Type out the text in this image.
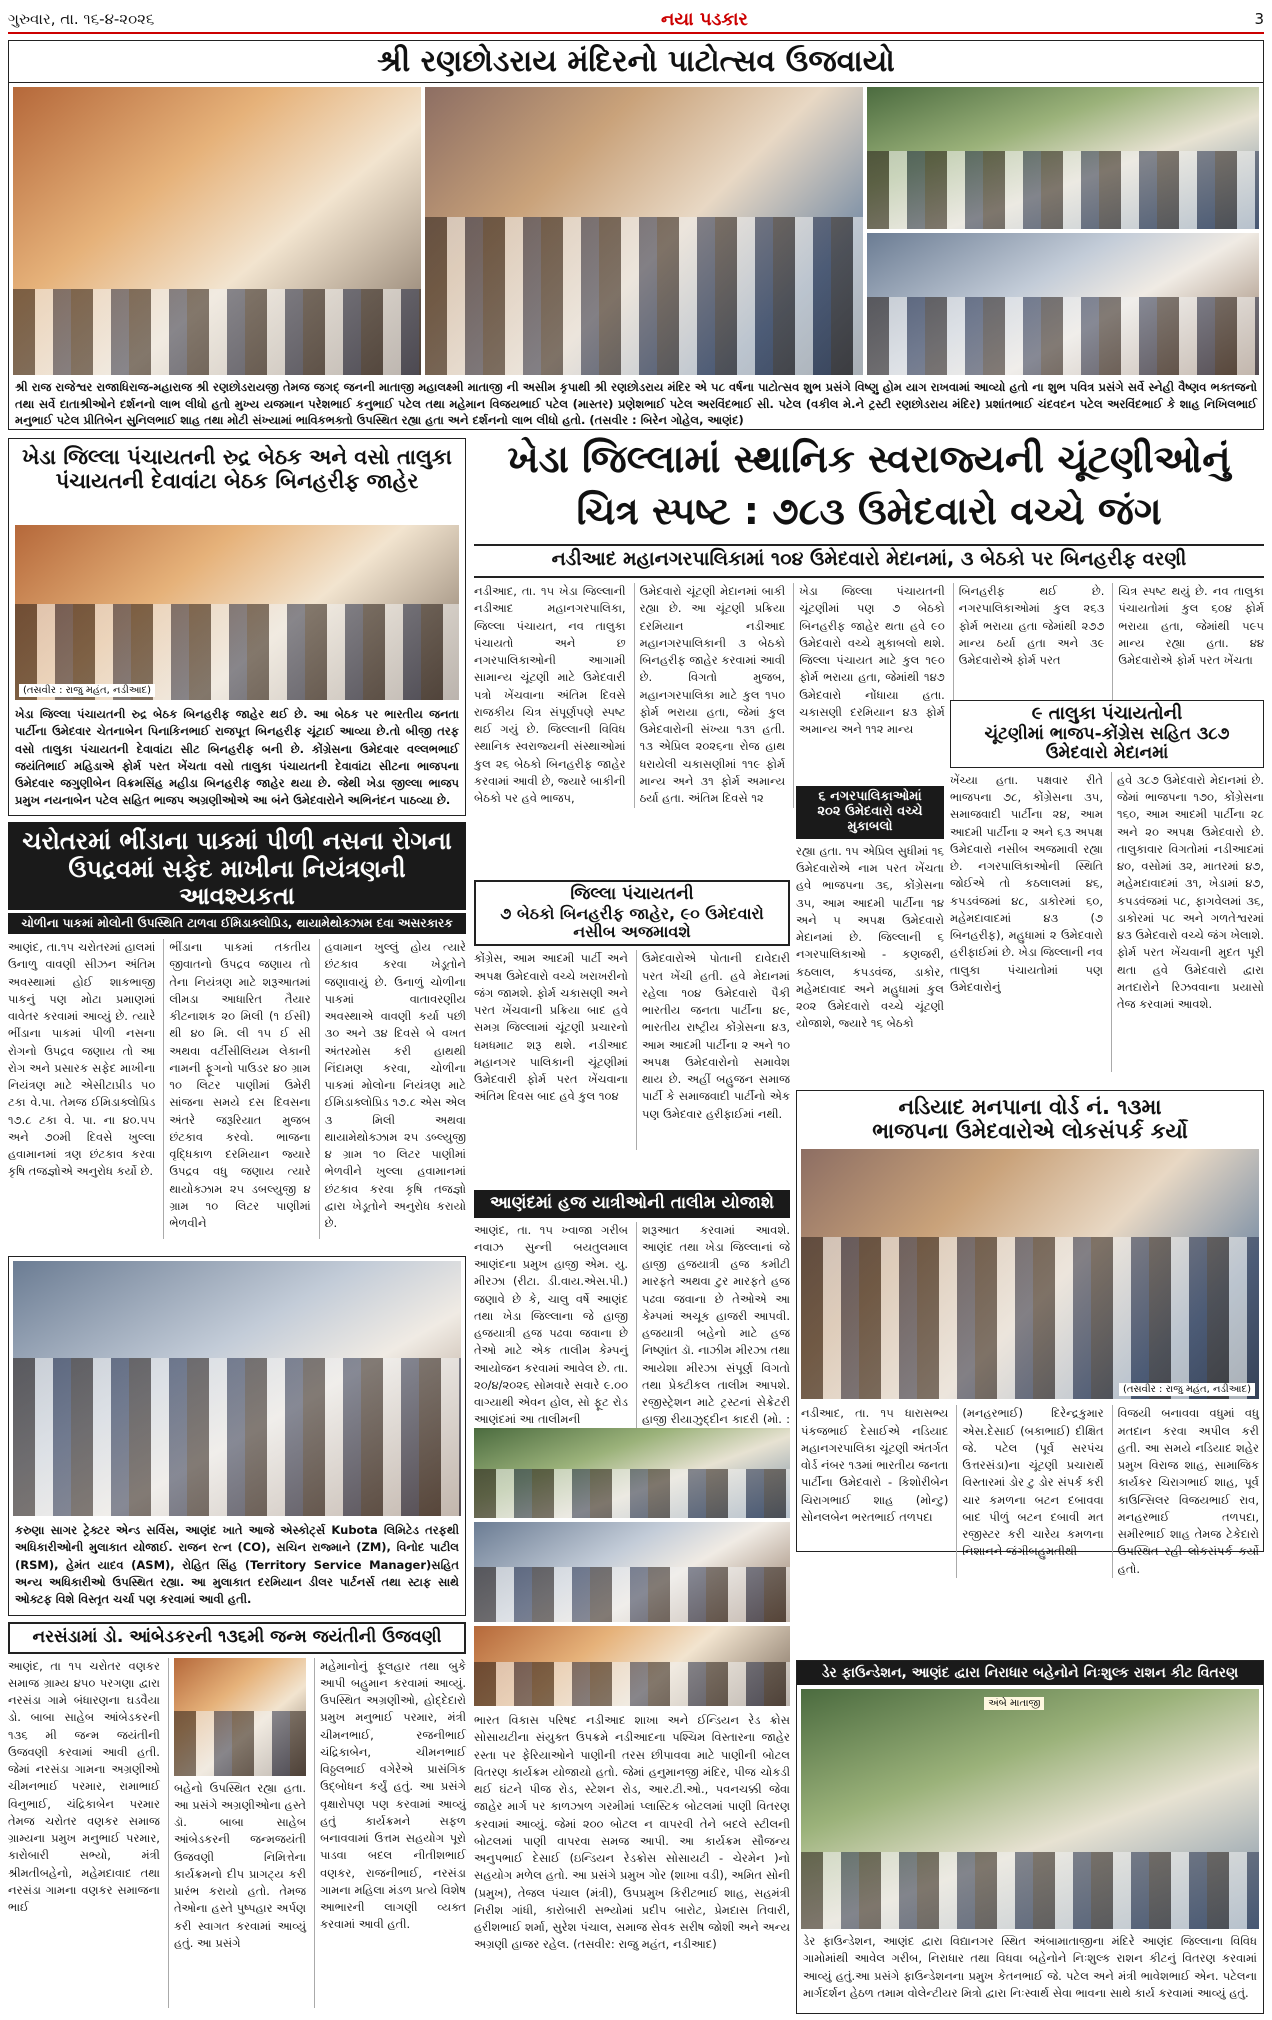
ગુરુવાર, તા. ૧૬-૪-૨૦૨૬	નયા પડકાર	3
શ્રી રણછોડરાય મંદિરનો પાટોત્સવ ઉજવાયો
શ્રી રાજ રાજેશ્વર રાજાધિરાજ-મહારાજ શ્રી રણછોડરાયજી તેમજ જગદ્ જનની માતાજી મહાલક્ષ્મી માતાજી ની અસીમ કૃપાથી શ્રી રણછોડરાય મંદિર એ ૫૮ વર્ષના પાટોત્સવ શુભ પ્રસંગે વિષ્ણુ હોમ યાગ રાખવામાં આવ્યો હતો ના શુભ પવિત્ર પ્રસંગે સર્વે સ્નેહી વૈષ્ણવ ભક્તજનો તથા સર્વે દાતાશ્રીઓને દર્શનનો લાભ લીધો હતો મુખ્ય યજમાન પરેશભાઈ કનુભાઈ પટેલ તથા મહેમાન વિજયભાઈ પટેલ (માસ્તર) પ્રણેશભાઈ પટેલ અરવિંદભાઈ સી. પટેલ (વકીલ મે.ને ટ્રસ્ટી રણછોડરાય મંદિર) પ્રશાંતભાઈ ચંદવદન પટેલ અરવિંદભાઈ કે શાહ નિખિલભાઈ મનુભાઈ પટેલ પ્રીતિબેન સુનિલભાઈ શાહ તથા મોટી સંખ્યામાં ભાવિકભક્તો ઉપસ્થિત રહ્યા હતા અને દર્શનનો લાભ લીધો હતો. (તસવીર : બિરેન ગોહેલ, આણંદ)
ખેડા જિલ્લા પંચાયતની રુદ્ર બેઠક અને વસો તાલુકા પંચાયતની દેવાવાંટા બેઠક બિનહરીફ જાહેર
(તસવીર : રાજુ મહંત, નડીઆદ)
ખેડા જિલ્લા પંચાયતની રુદ્ર બેઠક બિનહરીફ જાહેર થઈ છે. આ બેઠક પર ભારતીય જનતા પાર્ટીના ઉમેદવાર ચેતનાબેન પિનાકિનભાઈ રાજપૂત બિનહરીફ ચૂંટાઈ આવ્યા છે.તો બીજી તરફ વસો તાલુકા પંચાયતની દેવાવાંટા સીટ બિનહરીફ બની છે. કોંગ્રેસના ઉમેદવાર વલ્લભભાઈ જયંતિભાઈ મહિડાએ ફોર્મ પરત ખેંચતા વસો તાલુકા પંચાયતની દેવાવાંટા સીટના ભાજપના ઉમેદવાર જગુણીબેન વિક્રમસિંહ મહીડા બિનહરીફ જાહેર થયા છે. જેથી ખેડા જીલ્લા ભાજપ પ્રમુખ નયનાબેન પટેલ સહિત ભાજપ અગ્રણીઓએ આ બંને ઉમેદવારોને અભિનંદન પાઠવ્યા છે.
ખેડા જિલ્લામાં સ્થાનિક સ્વરાજ્યની ચૂંટણીઓનું
ચિત્ર સ્પષ્ટ : ૭૮૩ ઉમેદવારો વચ્ચે જંગ
નડીઆદ મહાનગરપાલિકામાં ૧૦૪ ઉમેદવારો મેદાનમાં, ૩ બેઠકો પર બિનહરીફ વરણી
નડીઆદ, તા. ૧૫ ખેડા જિલ્લાની નડીઆદ મહાનગરપાલિકા, જિલ્લા પંચાયત, નવ તાલુકા પંચાયતો અને છ નગરપાલિકાઓની આગામી સામાન્ય ચૂંટણી માટે ઉમેદવારી પત્રો ખેંચવાના અંતિમ દિવસે રાજકીય ચિત્ર સંપૂર્ણપણે સ્પષ્ટ થઈ ગયું છે. જિલ્લાની વિવિધ સ્થાનિક સ્વરાજ્યની સંસ્થાઓમાં કુલ ૨૬ બેઠકો બિનહરીફ જાહેર કરવામાં આવી છે, જ્યારે બાકીની બેઠકો પર હવે ભાજપ,
ઉમેદવારો ચૂંટણી મેદાનમાં બાકી રહ્યા છે. આ ચૂંટણી પ્રક્રિયા દરમિયાન નડીઆદ મહાનગરપાલિકાની ૩ બેઠકો બિનહરીફ જાહેર કરવામાં આવી છે. વિગતો મુજબ, મહાનગરપાલિકા માટે કુલ ૧૫૦ ફોર્મ ભરાયા હતા, જેમાં કુલ ઉમેદવારોની સંખ્યા ૧૩૧ હતી. ૧૩ એપ્રિલ ૨૦૨૬ના રોજ હાથ ધરાયેલી ચકાસણીમાં ૧૧૯ ફોર્મ માન્ય અને ૩૧ ફોર્મ અમાન્ય ઠર્યા હતા. અંતિમ દિવસે ૧૨
ખેડા જિલ્લા પંચાયતની ચૂંટણીમાં પણ ૭ બેઠકો બિનહરીફ જાહેર થતા હવે ૯૦ ઉમેદવારો વચ્ચે મુકાબલો થશે. જિલ્લા પંચાયત માટે કુલ ૧૯૦ ફોર્મ ભરાયા હતા, જેમાંથી ૧૪૭ ઉમેદવારો નોંધાયા હતા. ચકાસણી દરમિયાન ૪૩ ફોર્મ અમાન્ય અને ૧૧૨ માન્ય
બિનહરીફ થઈ છે. નગરપાલિકાઓમાં કુલ ૨૬૩ ફોર્મ ભરાયા હતા જેમાંથી ૨૭૭ માન્ય ઠર્યા હતા અને ૩૯ ઉમેદવારોએ ફોર્મ પરત
ચિત્ર સ્પષ્ટ થયું છે. નવ તાલુકા પંચાયતોમાં કુલ ૬૦૪ ફોર્મ ભરાયા હતા, જેમાંથી ૫૯૫ માન્ય રહ્યા હતા. ૪૪ ઉમેદવારોએ ફોર્મ પરત ખેંચતા
૯ તાલુકા પંચાયતોની
ચૂંટણીમાં ભાજપ-કોંગ્રેસ સહિત ૩૮૭ ઉમેદવારો મેદાનમાં
ખેંચ્યા હતા. પક્ષવાર રીતે ભાજપના ૭૮, કોંગ્રેસના ૩૫, સમાજવાદી પાર્ટીના ૨૪, આમ આદમી પાર્ટીના ૨ અને ૬૩ અપક્ષ ઉમેદવારો નસીબ અજમાવી રહ્યા છે. નગરપાલિકાઓની સ્થિતિ જોઈએ તો કઠલાલમાં ૪૬, કપડવંજમાં ૪૮, ડાકોરમાં ૬૦, મહેમદાવાદમાં ૪૩ (૭ બિનહરીફ), મહુધામાં ૨ ઉમેદવારો હરીફાઈમાં છે. ખેડા જિલ્લાની નવ તાલુકા પંચાયતોમાં પણ ઉમેદવારોનું
હવે ૩૮૭ ઉમેદવારો મેદાનમાં છે. જેમાં ભાજપના ૧૭૦, કોંગ્રેસના ૧૬૦, આમ આદમી પાર્ટીના ૨૮ અને ૨૦ અપક્ષ ઉમેદવારો છે. તાલુકાવાર વિગતોમાં નડીઆદમાં ૪૦, વસોમાં ૩૨, માતરમાં ૪૭, મહેમદાવાદમાં ૩૧, ખેડામાં ૪૭, કપડવંજમાં ૫૮, ફાગવેલમાં ૩૬, ડાકોરમાં ૫૮ અને ગળતેશ્વરમાં ૪૩ ઉમેદવારો વચ્ચે જંગ ખેલાશે. ફોર્મ પરત ખેંચવાની મુદત પૂરી થતા હવે ઉમેદવારો દ્વારા મતદારોને રિઝવવાના પ્રયાસો તેજ કરવામાં આવશે.
૬ નગરપાલિકાઓમાં
૨૦૨ ઉમેદવારો વચ્ચે મુકાબલો
રહ્યા હતા. ૧૫ એપ્રિલ સુધીમાં ૧૬ ઉમેદવારોએ નામ પરત ખેંચતા હવે ભાજપના ૩૬, કોંગ્રેસના ૩૫, આમ આદમી પાર્ટીના ૧૪ અને ૫ અપક્ષ ઉમેદવારો મેદાનમાં છે. જિલ્લાની ૬ નગરપાલિકાઓ - કણજરી, કઠલાલ, કપડવંજ, ડાકોર, મહેમદાવાદ અને મહુધામાં કુલ ૨૦૨ ઉમેદવારો વચ્ચે ચૂંટણી યોજાશે, જ્યારે ૧૬ બેઠકો
જિલ્લા પંચાયતની
૭ બેઠકો બિનહરીફ જાહેર, ૯૦ ઉમેદવારો નસીબ અજમાવશે
કોંગ્રેસ, આમ આદમી પાર્ટી અને અપક્ષ ઉમેદવારો વચ્ચે ખરાખરીનો જંગ જામશે. ફોર્મ ચકાસણી અને પરત ખેંચવાની પ્રક્રિયા બાદ હવે સમગ્ર જિલ્લામાં ચૂંટણી પ્રચારનો ધમધમાટ શરૂ થશે. નડીઆદ મહાનગર પાલિકાની ચૂંટણીમાં ઉમેદવારી ફોર્મ પરત ખેંચવાના અંતિમ દિવસ બાદ હવે કુલ ૧૦૪
ઉમેદવારોએ પોતાની દાવેદારી પરત ખેંચી હતી. હવે મેદાનમાં રહેલા ૧૦૪ ઉમેદવારો પૈકી ભારતીય જનતા પાર્ટીના ૪૯, ભારતીય રાષ્ટ્રીય કોંગ્રેસના ૪૩, આમ આદમી પાર્ટીના ૨ અને ૧૦ અપક્ષ ઉમેદવારોનો સમાવેશ થાય છે. અહીં બહુજન સમાજ પાર્ટી કે સમાજવાદી પાર્ટીનો એક પણ ઉમેદવાર હરીફાઈમાં નથી.
ચરોતરમાં ભીંડાના પાકમાં પીળી નસના રોગના ઉપદ્રવમાં સફેદ માખીના નિયંત્રણની આવશ્યકતા
ચોળીના પાકમાં મોલોની ઉપસ્થિતિ ટાળવા ઈમિડાક્લોપ્રિડ, થાયામેથોક્ઝામ દવા અસરકારક
આણંદ, તા.૧૫ ચરોતરમાં હાલમાં ઉનાળુ વાવણી સીઝન અંતિમ અવસ્થામાં હોઈ શાકભાજી પાકનું પણ મોટા પ્રમાણમાં વાવેતર કરવામાં આવ્યું છે. ત્યારે ભીંડાના પાકમાં પીળી નસના રોગનો ઉપદ્રવ જણાય તો આ રોગ અને પ્રસારક સફેદ માખીના નિયંત્રણ માટે એસીટાપ્રીડ ૫૦ ટકા વે.પા. તેમજ ઈમિડાક્લોપ્રિડ ૧૭.૮ ટકા વે. પા. ના ૪૦.૫૫ અને ૭૦મી દિવસે ખુલ્લા હવામાનમાં ત્રણ છંટકાવ કરવા કૃષિ તજજ્ઞોએ અનુરોધ કર્યો છે.
ભીંડાના પાકમાં તકતીય જીવાતનો ઉપદ્રવ જણાય તો તેના નિયંત્રણ માટે શરૂઆતમાં લીમડા આધારિત તૈયાર કીટનાશક ૨૦ મિલી (૧ ઈસી) થી ૪૦ મિ. લી ૧૫ ઈ સી અથવા વર્ટીસીલિયમ લેકાની નામની ફૂગનો પાઉડર ૪૦ ગ્રામ ૧૦ લિટર પાણીમાં ઉમેરી સાંજના સમયે દસ દિવસના અંતરે જરૂરિયાત મુજબ છંટકાવ કરવો. ભાજના વૃદ્ધિકાળ દરમિયાન જ્યારે ઉપદ્રવ વધુ જણાય ત્યારે થાયોક્ઝામ ૨૫ ડબલ્યુજી ૪ ગ્રામ ૧૦ લિટર પાણીમાં ભેળવીને
હવામાન ખુલ્લું હોય ત્યારે છંટકાવ કરવા ખેડૂતોને જણાવાયું છે. ઉનાળું ચોળીના પાકમાં વાતાવરણીય અવસ્થાએ વાવણી કર્યા પછી ૩૦ અને ૩૪ દિવસે બે વખત અંતરમોસ કરી હાથથી નિંદામણ કરવા, ચોળીના પાકમાં મોલોના નિયંત્રણ માટે ઈમિડાક્લોપ્રિડ ૧૭.૮ એસ એલ ૩ મિલી અથવા થાયામેથોક્ઝામ ૨૫ ડબ્લ્યુજી ૪ ગ્રામ ૧૦ લિટર પાણીમાં ભેળવીને ખુલ્લા હવામાનમાં છંટકાવ કરવા કૃષિ તજજ્ઞો દ્વારા ખેડૂતોને અનુરોધ કરાયો છે.
કરુણા સાગર ટ્રેક્ટર એન્ડ સર્વિસ, આણંદ ખાતે આજે એસ્કોર્ટ્સ Kubota લિમિટેડ તરફથી અધિકારીઓની મુલાકાત યોજાઈ. રાજન રત્ન (CO), સચિન રાજ્માને (ZM), વિનોદ પાટીલ (RSM), હેમંત યાદવ (ASM), રોહિત સિંહ (Territory Service Manager)સહિત અન્ય અધિકારીઓ ઉપસ્થિત રહ્યા. આ મુલાકાત દરમિયાન ડીલર પાર્ટનર્સ તથા સ્ટાફ સાથે ઓક્ટફ વિશે વિસ્તૃત ચર્ચા પણ કરવામાં આવી હતી.
આણંદમાં હજ યાત્રીઓની તાલીમ યોજાશે
આણંદ, તા. ૧૫ ખ્વાજા ગરીબ નવાઝ સુન્ની બયતુલમાલ આણંદના પ્રમુખ હાજી એમ. યુ. મીરઝા (રીટા. ડી.વાય.એસ.પી.) જણાવે છે કે, ચાલુ વર્ષે આણંદ તથા ખેડા જિલ્લાના જે હાજી હજયાત્રી હજ પઢવા જવાના છે તેઓ માટે એક તાલીમ કેમ્પનું આયોજન કરવામાં આવેલ છે. તા. ૨૦/૪/૨૦૨૬ સોમવારે સવારે ૯.૦૦ વાગ્યાથી એવન હોલ, સો ફૂટ રોડ આણંદમાં આ તાલીમની
શરૂઆત કરવામાં આવશે. આણંદ તથા ખેડા જિલ્લાનાં જે હાજી હજયાત્રી હજ કમીટી મારફતે અથવા ટુર મારફતે હજ પઢવા જવાના છે તેઓએ આ કેમ્પમાં અચૂક હાજરી આપવી. હજયાત્રી બહેનો માટે હજ નિષ્ણાંત ડૉ. નાઝીમ મીરઝા તથા આયેશા મીરઝા સંપૂર્ણ વિગતો તથા પ્રેક્ટીકલ તાલીમ આપશે. રજીસ્ટ્રેશન માટે ટ્રસ્ટનાં સેક્રેટરી હાજી રીયાઝુદ્દીન કાદરી (મો. :
નડિયાદ મનપાના વોર્ડ નં. ૧૩મા
ભાજપના ઉમેદવારોએ લોકસંપર્ક કર્યો
(તસવીર : રાજુ મહંત, નડીઆદ)
નડીઆદ, તા. ૧૫ ધારાસભ્ય પંકજભાઈ દેસાઈએ નડિયાદ મહાનગરપાલિકા ચૂંટણી અંતર્ગત વોર્ડ નંબર ૧૩માં ભારતીય જનતા પાર્ટીના ઉમેદવારો - કિશોરીબેન ચિરાગભાઈ શાહ (મોન્ટુ) સોનલબેન ભરતભાઈ તળપદા
(મનહરભાઈ) દિરેન્દ્રકુમાર એસ.દેસાઈ (બકાભાઈ) દીક્ષિત જે. પટેલ (પૂર્વ સરપંચ ઉત્તરસંડા)ના ચૂંટણી પ્રચારાર્થે વિસ્તારમાં ડોર ટુ ડોર સંપર્ક કરી ચાર કમળના બટન દબાવવા બાદ પીળું બટન દબાવી મત રજીસ્ટર કરી ચારેય કમળના નિશાનને જંગીબહુમતીથી
વિજયી બનાવવા વધુમાં વધુ મતદાન કરવા અપીલ કરી હતી. આ સમયે નડિયાદ શહેર પ્રમુખ વિરાજ શાહ, સામાજિક કાર્યકર ચિરાગભાઈ શાહ, પૂર્વ કાઉન્સિલર વિજયભાઈ રાવ, મનહરભાઈ તળપદા, સમીરભાઈ શાહ તેમજ ટેકેદારો ઉપસ્થિત રહી લોકસંપર્ક કર્યો હતો.
નરસંડામાં ડો. આંબેડકરની ૧૩૬મી જન્મ જયંતીની ઉજવણી
આણંદ, તા ૧૫ ચરોતર વણકર સમાજ ગ્રામ્ય ૪૫૦ પરગણા દ્વારા નરસંડા ગામે બંધારણના ઘડવૈયા ડો. બાબા સાહેબ આંબેડકરની ૧૩૬ મી જન્મ જયંતીની ઉજવણી કરવામાં આવી હતી. જેમાં નરસંડા ગામના અગ્રણીઓ ચીમનભાઈ પરમાર, રામાભાઈ વિનુભાઈ, ચંદ્રિકાબેન પરમાર તેમજ ચરોતર વણકર સમાજ ગ્રામ્યના પ્રમુખ મનુભાઈ પરમાર, કારોબારી સભ્યો, મંત્રી શ્રીમતીબહેનો, મહેમદાવાદ તથા નરસંડા ગામના વણકર સમાજના ભાઈ
બહેનો ઉપસ્થિત રહ્યા હતા. આ પ્રસંગે અગ્રણીઓના હસ્તે ડૉ. બાબા સાહેબ આંબેડકરની જન્મજયંતી ઉજવણી નિમિત્તેના કાર્યક્રમનો દીપ પ્રાગટ્ય કરી પ્રારંભ કરાયો હતો. તેમજ તેઓના હસ્તે પુષ્પહાર અર્પણ કરી સ્વાગત કરવામાં આવ્યું હતું. આ પ્રસંગે
મહેમાનોનું ફૂલહાર તથા બુકે આપી બહુમાન કરવામાં આવ્યું. ઉપસ્થિત અગ્રણીઓ, હોદ્દેદારો પ્રમુખ મનુભાઈ પરમાર, મંત્રી ચીમનભાઈ, રજનીભાઈ ચંદ્રિકાબેન, ચીમનભાઈ વિઠ્ઠલભાઈ વગેરેએ પ્રાસંગિક ઉદ્બોધન કર્યું હતું. આ પ્રસંગે વૃક્ષારોપણ પણ કરવામાં આવ્યું હતું કાર્યક્રમને સફળ બનાવવામાં ઉત્તમ સહયોગ પૂરો પાડવા બદલ નીતીશભાઈ વણકર, રાજનીભાઈ, નરસંડા ગામના મહિલા મંડળ પ્રત્યે વિશેષ આભારની લાગણી વ્યક્ત કરવામાં આવી હતી.
ભારત વિકાસ પરિષદ નડીઆદ શાખા અને ઈન્ડિયન રેડ ક્રોસ સોસાયટીના સંયુક્ત ઉપક્રમે નડીઆદના પશ્ચિમ વિસ્તારના જાહેર રસ્તા પર ફેરિયાઓને પાણીની તરસ છીપાવવા માટે પાણીની બોટલ વિતરણ કાર્યક્રમ યોજાયો હતો. જેમાં હનુમાનજી મંદિર, પીજ ચોકડી થઈ ઘંટને પીજ રોડ, સ્ટેશન રોડ, આર.ટી.ઓ., પવનચક્કી જેવા જાહેર માર્ગ પર કાળઝાળ ગરમીમાં પ્લાસ્ટિક બોટલમાં પાણી વિતરણ કરવામાં આવ્યું. જેમાં ૨૦૦ બોટલ ન વાપરવી તેને બદલે સ્ટીલની બોટલમાં પાણી વાપરવા સમજ આપી. આ કાર્યક્રમ સૌજન્ય અનુપભાઈ દેસાઈ (ઇન્ડિયન રેડક્રોસ સોસાયટી - ચેરમેન )નો સહયોગ મળેલ હતો. આ પ્રસંગે પ્રમુખ ગોર (શાખા વડી), અમિત સોની (પ્રમુખ), તેજલ પંચાલ (મંત્રી), ઉપપ્રમુખ કિરીટભાઈ શાહ, સહમંત્રી નિરીશ ગાંધી, કારોબારી સભ્યોમાં પ્રદીપ બારોટ, પ્રેમદાસ તિવારી, હરીશભાઈ શર્મા, સુરેશ પંચાલ, સમાજ સેવક સરીષ જોશી અને અન્ય અગ્રણી હાજર રહેલ. (તસવીર: રાજુ મહંત, નડીઆદ)
ડેર ફાઉન્ડેશન, આણંદ દ્વારા નિરાધાર બહેનોને નિઃશુલ્ક રાશન કીટ વિતરણ
અંબે માતાજી
ડેર ફાઉન્ડેશન, આણંદ દ્વારા વિદ્યાનગર સ્થિત અંબામાતાજીના મંદિરે આણંદ જિલ્લાના વિવિધ ગામોમાંથી આવેલ ગરીબ, નિરાધાર તથા વિધવા બહેનોને નિઃશુલ્ક રાશન કીટનું વિતરણ કરવામાં આવ્યું હતું.આ પ્રસંગે ફાઉન્ડેશનના પ્રમુખ કેતનભાઈ જે. પટેલ અને મંત્રી ભાવેશભાઈ એન. પટેલના માર્ગદર્શન હેઠળ તમામ વોલેન્ટીયર મિત્રો દ્વારા નિઃસ્વાર્થ સેવા ભાવના સાથે કાર્ય કરવામાં આવ્યું હતું.
